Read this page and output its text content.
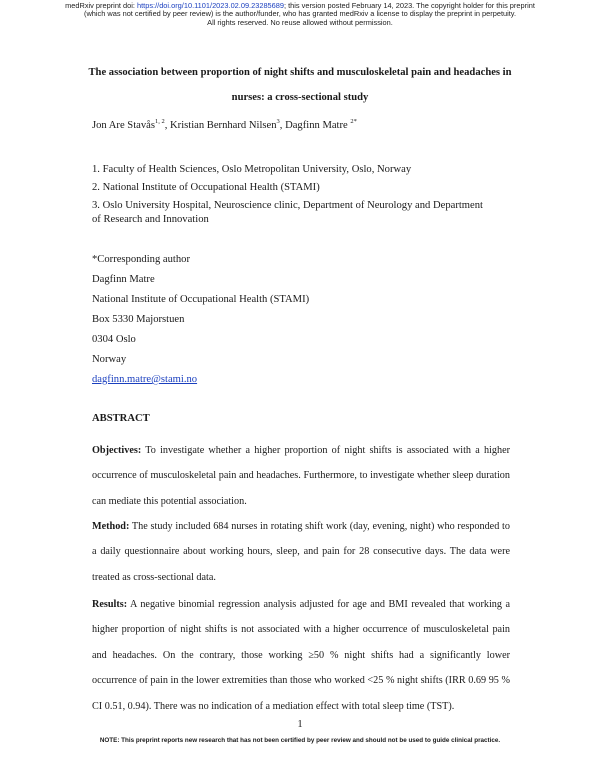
medRxiv preprint doi: https://doi.org/10.1101/2023.02.09.23285689; this version posted February 14, 2023. The copyright holder for this preprint
(which was not certified by peer review) is the author/funder, who has granted medRxiv a license to display the preprint in perpetuity.
All rights reserved. No reuse allowed without permission.
The association between proportion of night shifts and musculoskeletal pain and headaches in
nurses: a cross-sectional study
Jon Are Stavås$^{1, 2}$, Kristian Bernhard Nilsen$^3$, Dagfinn Matre $^{2*}$
1. Faculty of Health Sciences, Oslo Metropolitan University, Oslo, Norway
2. National Institute of Occupational Health (STAMI)
3. Oslo University Hospital, Neuroscience clinic, Department of Neurology and Department
of Research and Innovation
*Corresponding author
Dagfinn Matre
National Institute of Occupational Health (STAMI)
Box 5330 Majorstuen
0304 Oslo
Norway
dagfinn.matre@stami.no
ABSTRACT
Objectives: To investigate whether a higher proportion of night shifts is associated with a higher occurrence of musculoskeletal pain and headaches. Furthermore, to investigate whether sleep duration can mediate this potential association.
Method: The study included 684 nurses in rotating shift work (day, evening, night) who responded to a daily questionnaire about working hours, sleep, and pain for 28 consecutive days. The data were treated as cross-sectional data.
Results: A negative binomial regression analysis adjusted for age and BMI revealed that working a higher proportion of night shifts is not associated with a higher occurrence of musculoskeletal pain and headaches. On the contrary, those working ≥50 % night shifts had a significantly lower occurrence of pain in the lower extremities than those who worked <25 % night shifts (IRR 0.69 95 % CI 0.51, 0.94). There was no indication of a mediation effect with total sleep time (TST).
1
NOTE: This preprint reports new research that has not been certified by peer review and should not be used to guide clinical practice.
